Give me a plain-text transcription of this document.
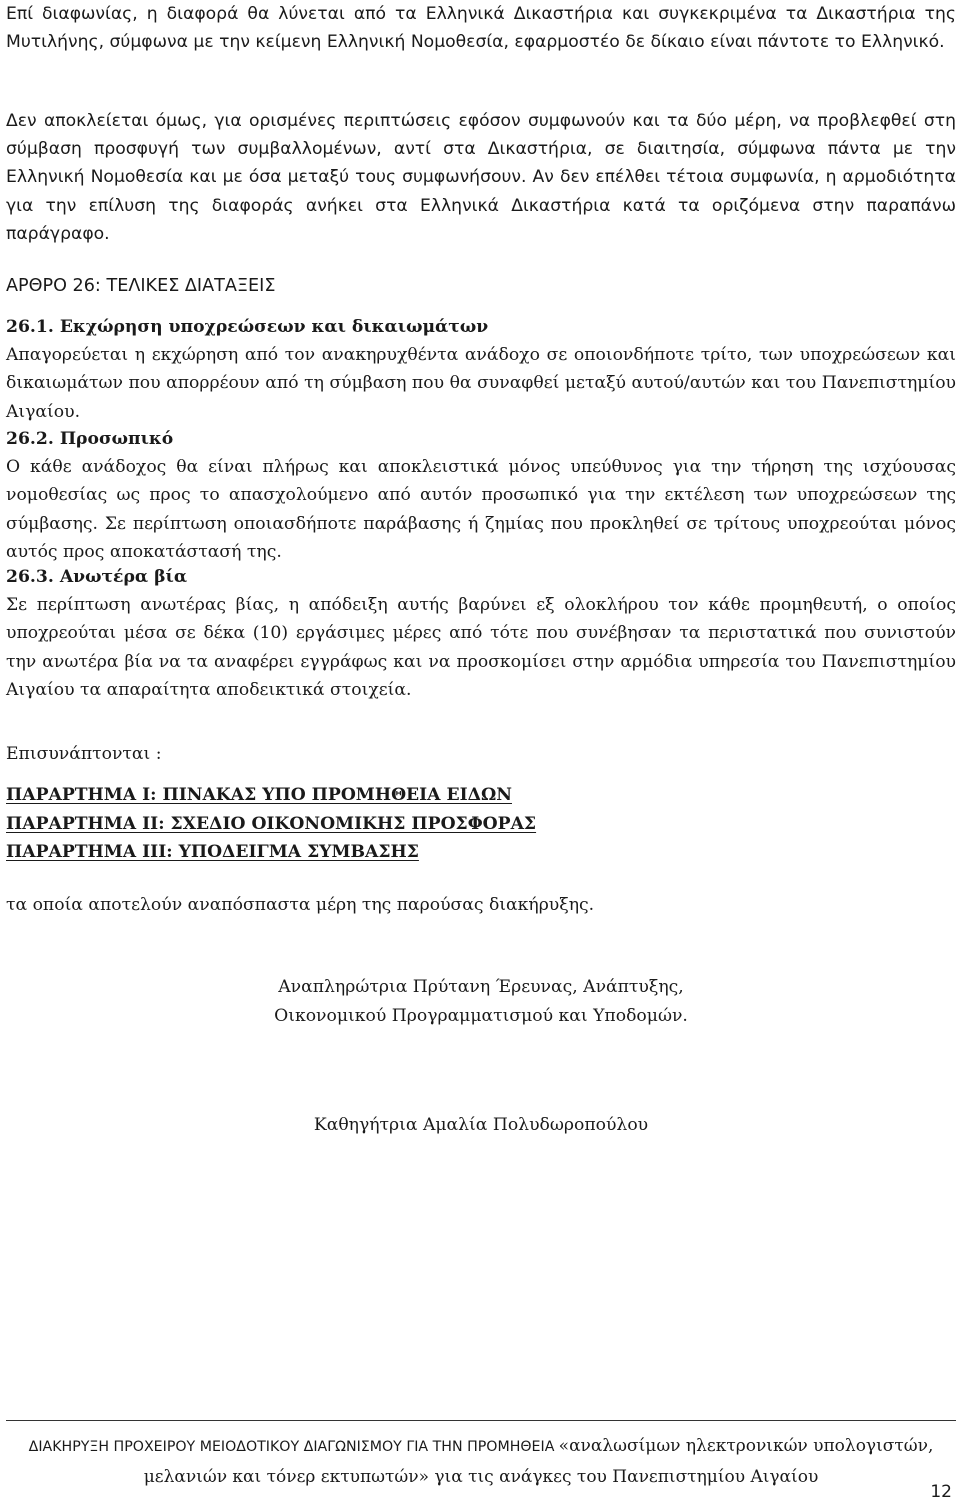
Επί διαφωνίας, η διαφορά θα λύνεται από τα Ελληνικά Δικαστήρια και συγκεκριμένα τα Δικαστήρια της Μυτιλήνης, σύμφωνα με την κείμενη Ελληνική Νομοθεσία, εφαρμοστέο δε δίκαιο είναι πάντοτε το Ελληνικό.

Δεν αποκλείεται όμως, για ορισμένες περιπτώσεις εφόσον συμφωνούν και τα δύο μέρη, να προβλεφθεί στη σύμβαση προσφυγή των συμβαλλομένων, αντί στα Δικαστήρια, σε διαιτησία, σύμφωνα πάντα με την Ελληνική Νομοθεσία και με όσα μεταξύ τους συμφωνήσουν. Αν δεν επέλθει τέτοια συμφωνία, η αρμοδιότητα για την επίλυση της διαφοράς ανήκει στα Ελληνικά Δικαστήρια κατά τα οριζόμενα στην παραπάνω παράγραφο.

ΑΡΘΡΟ 26: ΤΕΛΙΚΕΣ ΔΙΑΤΑΞΕΙΣ
26.1. Εκχώρηση υποχρεώσεων και δικαιωμάτων

Απαγορεύεται η εκχώρηση από τον ανακηρυχθέντα ανάδοχο σε οποιονδήποτε τρίτο, των υποχρεώσεων και δικαιωμάτων που απορρέουν από τη σύμβαση που θα συναφθεί μεταξύ αυτού/αυτών και του Πανεπιστημίου Αιγαίου.

26.2. Προσωπικό

Ο κάθε ανάδοχος θα είναι πλήρως και αποκλειστικά μόνος υπεύθυνος για την τήρηση της ισχύουσας νομοθεσίας ως προς το απασχολούμενο από αυτόν προσωπικό για την εκτέλεση των υποχρεώσεων της σύμβασης. Σε περίπτωση οποιασδήποτε παράβασης ή ζημίας που προκληθεί σε τρίτους υποχρεούται μόνος αυτός προς αποκατάστασή της.

26.3. Ανωτέρα βία

Σε περίπτωση ανωτέρας βίας, η απόδειξη αυτής βαρύνει εξ ολοκλήρου τον κάθε προμηθευτή, ο οποίος υποχρεούται μέσα σε δέκα (10) εργάσιμες μέρες από τότε που συνέβησαν τα περιστατικά που συνιστούν την ανωτέρα βία να τα αναφέρει εγγράφως και να προσκομίσει στην αρμόδια υπηρεσία του Πανεπιστημίου Αιγαίου τα απαραίτητα αποδεικτικά στοιχεία.

Επισυνάπτονται :

ΠΑΡΑΡΤΗΜΑ Ι: ΠΙΝΑΚΑΣ ΥΠΟ ΠΡΟΜΗΘΕΙΑ ΕΙΔΩΝ

ΠΑΡΑΡΤΗΜΑ ΙΙ: ΣΧΕΔΙΟ ΟΙΚΟΝΟΜΙΚΗΣ ΠΡΟΣΦΟΡΑΣ

ΠΑΡΑΡΤΗΜΑ ΙΙΙ: ΥΠΟΔΕΙΓΜΑ ΣΥΜΒΑΣΗΣ

τα οποία αποτελούν αναπόσπαστα μέρη της παρούσας διακήρυξης.

Αναπληρώτρια Πρύτανη Έρευνας, Ανάπτυξης,
Οικονομικού Προγραμματισμού και Υποδομών.

Καθηγήτρια Αμαλία Πολυδωροπούλου

ΔΙΑΚΗΡΥΞΗ ΠΡΟΧΕΙΡΟΥ ΜΕΙΟΔΟΤΙΚΟΥ ΔΙΑΓΩΝΙΣΜΟΥ ΓΙΑ ΤΗΝ ΠΡΟΜΗΘΕΙΑ «αναλωσίμων ηλεκτρονικών υπολογιστών, μελανιών και τόνερ εκτυπωτών» για τις ανάγκες του Πανεπιστημίου Αιγαίου

12
